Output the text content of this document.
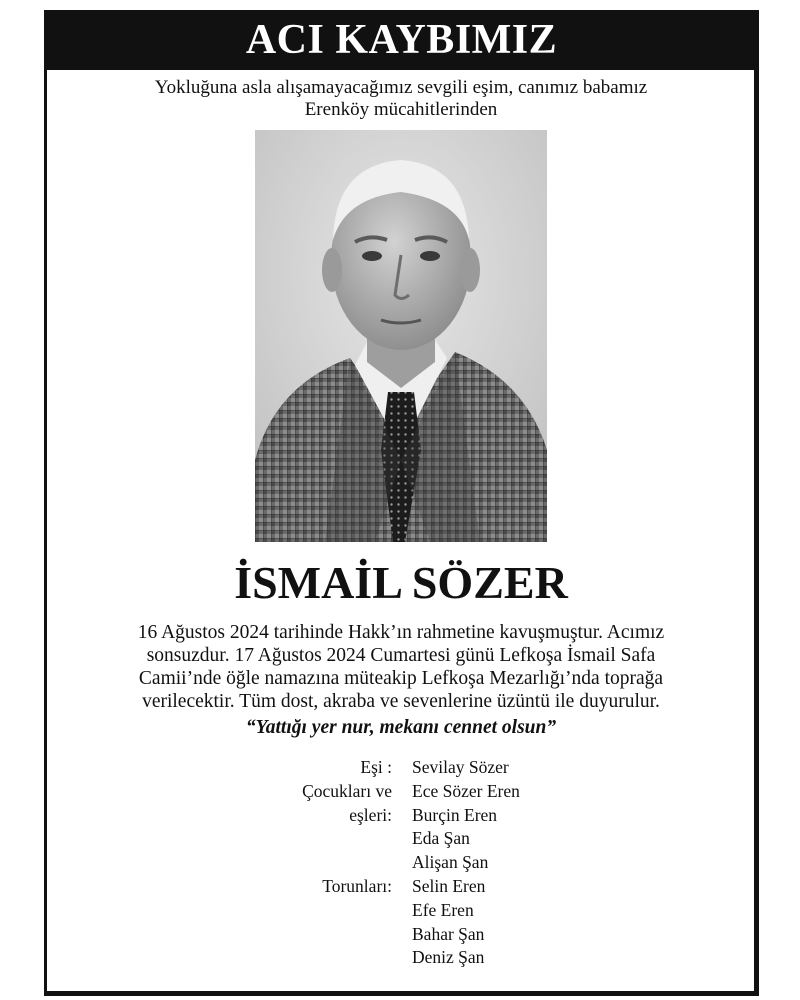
ACI KAYBIMIZ
Yokluğuna asla alışamayacağımız sevgili eşim, canımız babamız
Erenköy mücahitlerinden
İSMAİL SÖZER
16 Ağustos 2024 tarihinde Hakk’ın rahmetine kavuşmuştur. Acımız
sonsuzdur. 17 Ağustos 2024 Cumartesi günü Lefkoşa İsmail Safa
Camii’nde öğle namazına müteakip Lefkoşa Mezarlığı’nda toprağa
verilecektir. Tüm dost, akraba ve sevenlerine üzüntü ile duyurulur.
“Yattığı yer nur, mekanı cennet olsun”
Eşi :
Çocukları ve
eşleri:
Torunları:
Sevilay Sözer
Ece Sözer Eren
Burçin Eren
Eda Şan
Alişan Şan
Selin Eren
Efe Eren
Bahar Şan
Deniz Şan
